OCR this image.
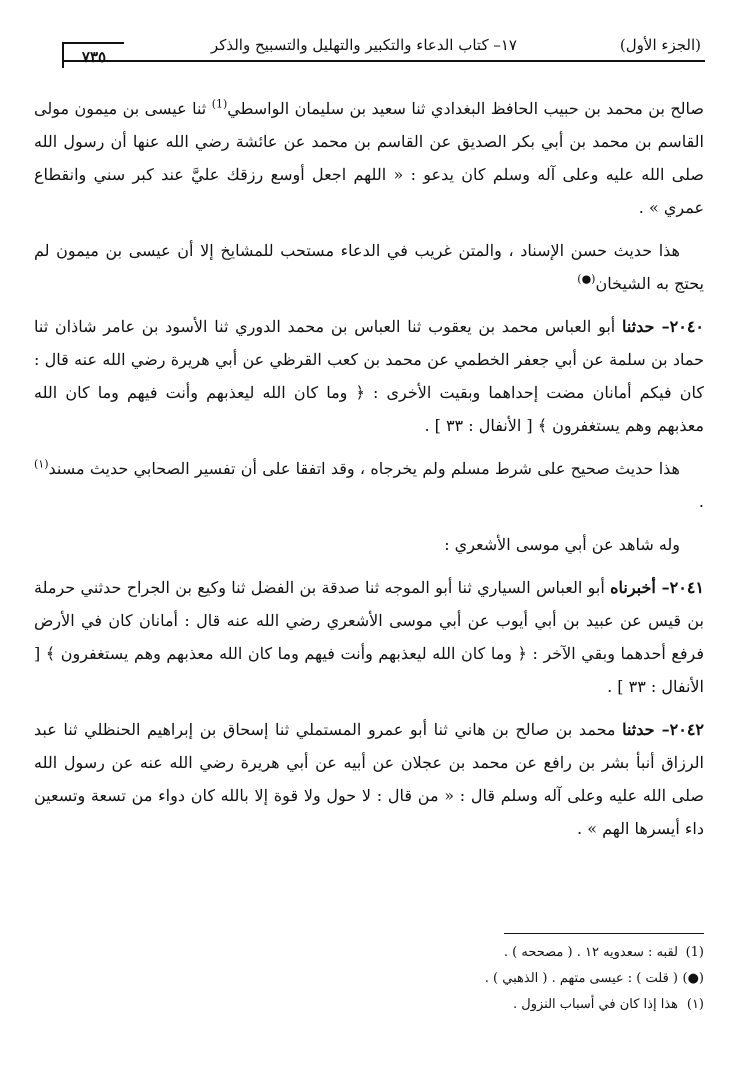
(الجزء الأول)
١٧– كتاب الدعاء والتكبير والتهليل والتسبيح والذكر
٧٣٥

صالح بن محمد بن حبيب الحافظ البغدادي ثنا سعيد بن سليمان الواسطي$^{(1)}$ ثنا عيسى بن ميمون مولى القاسم بن محمد بن أبي بكر الصديق عن القاسم بن محمد عن عائشة رضي الله عنها أن رسول الله صلى الله عليه وعلى آله وسلم كان يدعو : « اللهم اجعل أوسع رزقك عليَّ عند كبر سني وانقطاع عمري » .

هذا حديث حسن الإسناد ، والمتن غريب في الدعاء مستحب للمشايخ إلا أن عيسى بن ميمون لم يحتج به الشيخان(●)

٢٠٤٠– حدثنا أبو العباس محمد بن يعقوب ثنا العباس بن محمد الدوري ثنا الأسود بن عامر شاذان ثنا حماد بن سلمة عن أبي جعفر الخطمي عن محمد بن كعب القرظي عن أبي هريرة رضي الله عنه قال : كان فيكم أمانان مضت إحداهما وبقيت الأخرى : ﴿ وما كان الله ليعذبهم وأنت فيهم وما كان الله معذبهم وهم يستغفرون ﴾ [ الأنفال : ٣٣ ] .

هذا حديث صحيح على شرط مسلم ولم يخرجاه ، وقد اتفقا على أن تفسير الصحابي حديث مسند$^{(١)}$ .

وله شاهد عن أبي موسى الأشعري :

٢٠٤١– أخبرناه أبو العباس السياري ثنا أبو الموجه ثنا صدقة بن الفضل ثنا وكيع بن الجراح حدثني حرملة بن قيس عن عبيد بن أبي أيوب عن أبي موسى الأشعري رضي الله عنه قال : أمانان كان في الأرض فرفع أحدهما وبقي الآخر : ﴿ وما كان الله ليعذبهم وأنت فيهم وما كان الله معذبهم وهم يستغفرون ﴾ [ الأنفال : ٣٣ ] .

٢٠٤٢– حدثنا محمد بن صالح بن هاني ثنا أبو عمرو المستملي ثنا إسحاق بن إبراهيم الحنظلي ثنا عبد الرزاق أنبأ بشر بن رافع عن محمد بن عجلان عن أبيه عن أبي هريرة رضي الله عنه عن رسول الله صلى الله عليه وعلى آله وسلم قال : « من قال : لا حول ولا قوة إلا بالله كان دواء من تسعة وتسعين داء أيسرها الهم » .

(1)لقبه : سعدويه ١٢ . ( مصححه ) .
(●)( قلت ) : عيسى متهم . ( الذهبي ) .
(١)هذا إذا كان في أسباب النزول .
